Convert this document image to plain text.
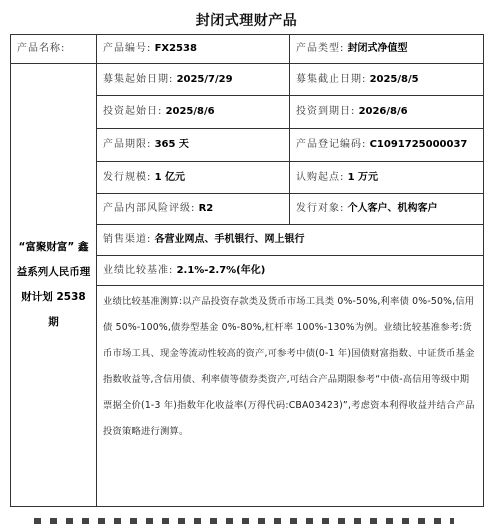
封闭式理财产品
产品名称:	产品编号: FX2538	产品类型: 封闭式净值型
“富聚财富” 鑫益系列人民币理财计划 2538 期	募集起始日期: 2025/7/29	募集截止日期: 2025/8/5
	投资起始日: 2025/8/6	投资到期日: 2026/8/6
	产品期限: 365 天	产品登记编码: C1091725000037
	发行规模: 1 亿元	认购起点: 1 万元
	产品内部风险评级: R2	发行对象: 个人客户、机构客户
	销售渠道: 各营业网点、手机银行、网上银行	
	业绩比较基准: 2.1%-2.7%(年化)	
	业绩比较基准测算:以产品投资存款类及货币市场工具类 0%-50%,利率债 0%-50%,信用债 50%-100%,债券型基金 0%-80%,杠杆率 100%-130%为例。业绩比较基准参考:货币市场工具、现金等流动性较高的资产,可参考中债(0-1 年)国债财富指数、中证货币基金指数收益等,含信用债、利率债等债券类资产,可结合产品期限参考“中债-高信用等级中期票据全价(1-3 年)指数年化收益率(万得代码:CBA03423)”,考虑资本利得收益并结合产品投资策略进行测算。	
